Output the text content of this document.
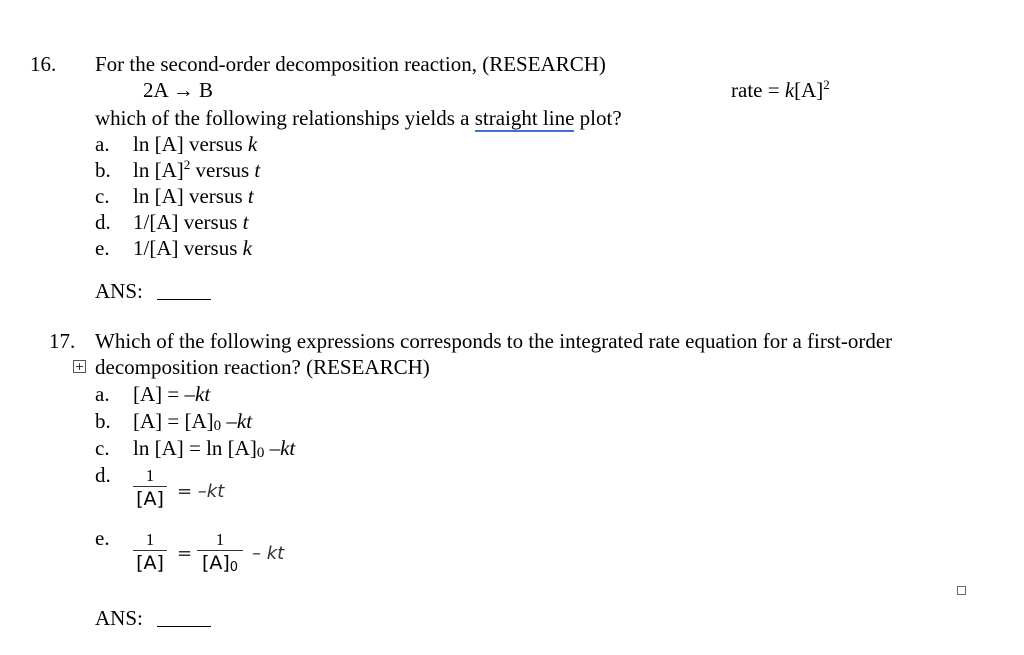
16. For the second-order decomposition reaction, (RESEARCH)
2A → B	rate = $k[A]^2$
which of the following relationships yields a straight line plot?
a. ln [A] versus k
b. $\ln [A]^2$ versus t
c. ln [A] versus t
d. 1/[A] versus t
e. 1/[A] versus k
ANS:
17. Which of the following expressions corresponds to the integrated rate equation for a first-order
+ decomposition reaction? (RESEARCH)
a. [A] = –kt
b. $[A] = [A]_0$ –kt
c. $\ln [A] = \ln [A]_0$ –kt
d.	1
[A] = –kt
e.	1
[A] =
1
$[A]_0$
– kt
ANS:
